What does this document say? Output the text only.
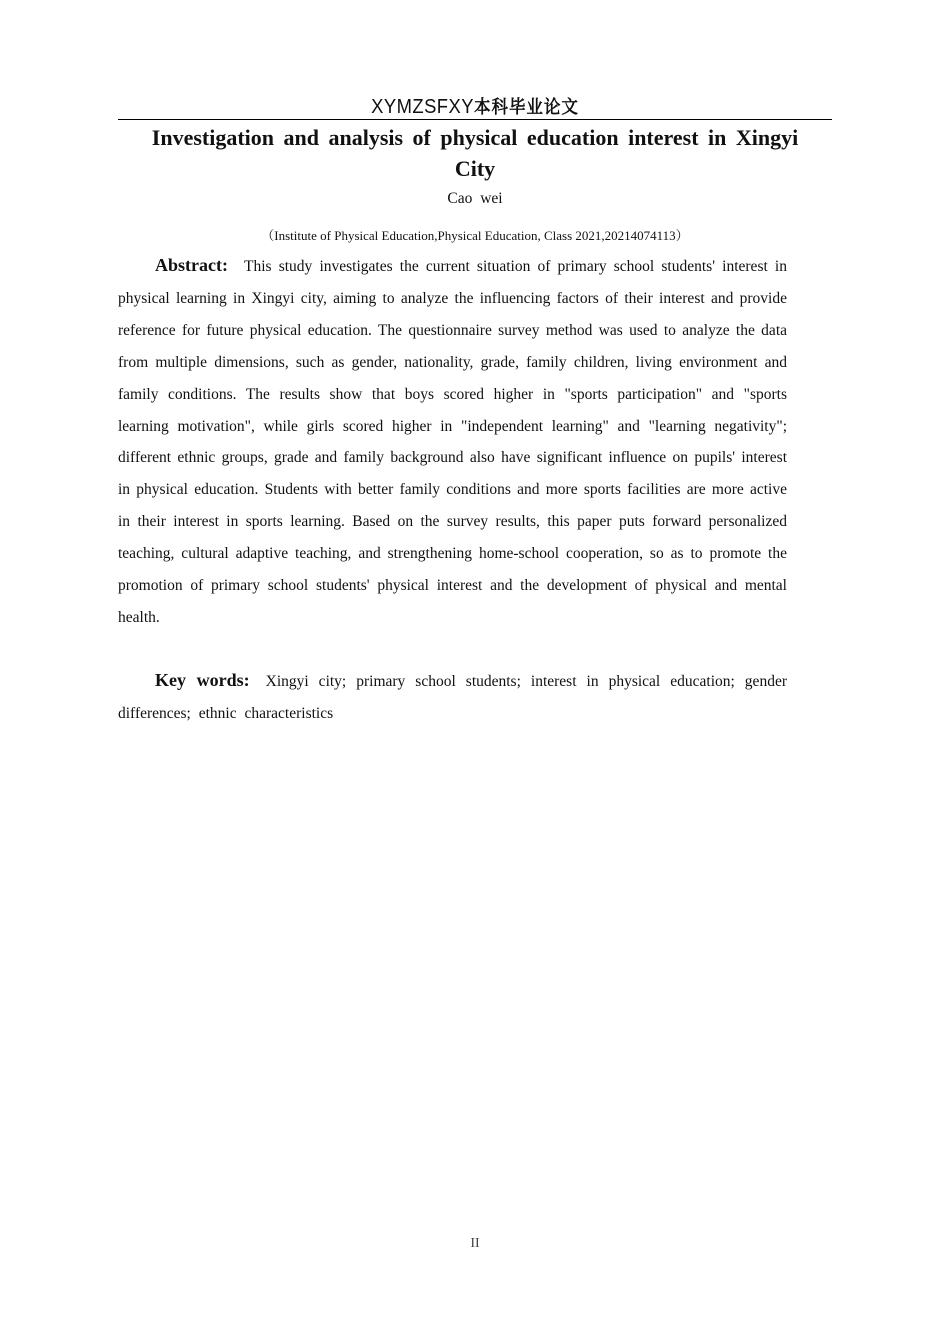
XYMZSFXY本科毕业论文
Investigation and analysis of physical education interest in Xingyi City
Cao wei
（Institute of Physical Education,Physical Education, Class 2021,20214074113）

Abstract: This study investigates the current situation of primary school students' interest in physical learning in Xingyi city, aiming to analyze the influencing factors of their interest and provide reference for future physical education. The questionnaire survey method was used to analyze the data from multiple dimensions, such as gender, nationality, grade, family children, living environment and family conditions. The results show that boys scored higher in "sports participation" and "sports learning motivation", while girls scored higher in "independent learning" and "learning negativity"; different ethnic groups, grade and family background also have significant influence on pupils' interest in physical education. Students with better family conditions and more sports facilities are more active in their interest in sports learning. Based on the survey results, this paper puts forward personalized teaching, cultural adaptive teaching, and strengthening home-school cooperation, so as to promote the promotion of primary school students' physical interest and the development of physical and mental health.

Key words: Xingyi city; primary school students; interest in physical education; gender differences; ethnic characteristics

II
